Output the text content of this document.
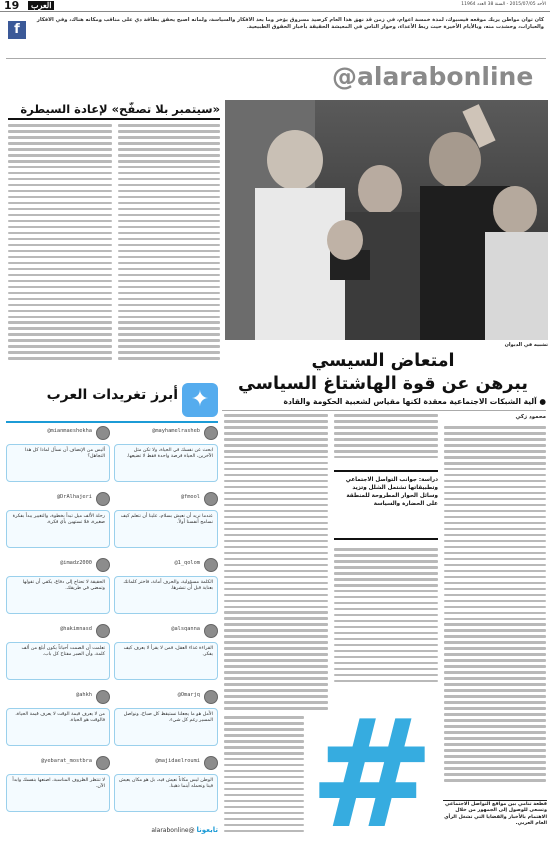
19	العرب	الأحد 2015/07/05 - السنة 38 العدد 11964
f
كان توان مواطن يربك موقعه فيسبوك، لمدة خمسة أعوام، في زمن قد نهق هذا العام كرصيد مسروق يؤخر وما بعد الأفكار والسياسة، ولمانه أصبح يحقق بطاقة دي على مناقب ومكانه هناك، وفي الأفكار والعبارات، وحشدت منه، وبالأيام الأخيرة حيث ربط الأعداء، وحوار الناس في المعيشة الحقيقة بأخبار الحقوق الطبيعية.
@alarabonline
تشبيه في الديوان
«سيتمبر بلا تصفّح» لإعادة السيطرة
امتعاض السيسي
يبرهن عن قوة الهاشتاغ السياسي
● آلية الشبكات الاجتماعية معقدة لكنها مقياس لشعبية الحكومة والقادة
محمود زكي
دراسة: جوانب التواصل الاجتماعي وتطبيقاتها تشتمل الشلل وتزيد وسائل الحوار المطروحة للمنطقة على الحضارة والسياسة
#	قطعة تنامي بين مواقع التواصل الاجتماعي وتسعى للوصول إلى الجمهور من خلال الاهتمام بالأخبار والقضايا التي تشغل الرأي العام العربي.
أبرز تغريدات العرب ✦
@mayhamelrasheb
ابحث عن نفسك في الحياة، ولا تكن مثل الآخرين، الحياة فرصة واحدة فقط لا تضيعها.
@mianmaeshekha
أليس من الإنصاف أن نسأل لماذا كل هذا التجاهل؟
@fmool
عندما نريد أن نعيش بسلام، علينا أن نتعلم كيف نسامح أنفسنا أولاً.
@DrAlhajeri
رحلة الألف ميل تبدأ بخطوة، والتغيير يبدأ بفكرة صغيرة، فلا تستهين بأي فكرة.
@1_qolom
الكلمة مسؤولية، والحرف أمانة، فاختر كلماتك بعناية قبل أن تنشرها.
@imadz2000
الحقيقة لا تحتاج إلى دفاع، يكفي أن تقولها وتمضي في طريقك.
@alsqanna
القراءة غذاء العقل، فمن لا يقرأ لا يعرف كيف يفكر.
@hakimnasd
تعلمت أن الصمت أحياناً يكون أبلغ من ألف كلمة، وأن الصبر مفتاح كل باب.
@Omarjq
الأمل هو ما يجعلنا نستيقظ كل صباح، ونواصل المسير رغم كل شيء.
@ahkh
من لا يعرف قيمة الوقت لا يعرف قيمة الحياة، فالوقت هو الحياة.
@majidaelroumi
الوطن ليس مكاناً نعيش فيه، بل هو مكان يعيش فينا ونحمله أينما ذهبنا.
@yebarat_mostbra
لا تنتظر الظروف المناسبة، اصنعها بنفسك وابدأ الآن.
تابعونا @alarabonline
